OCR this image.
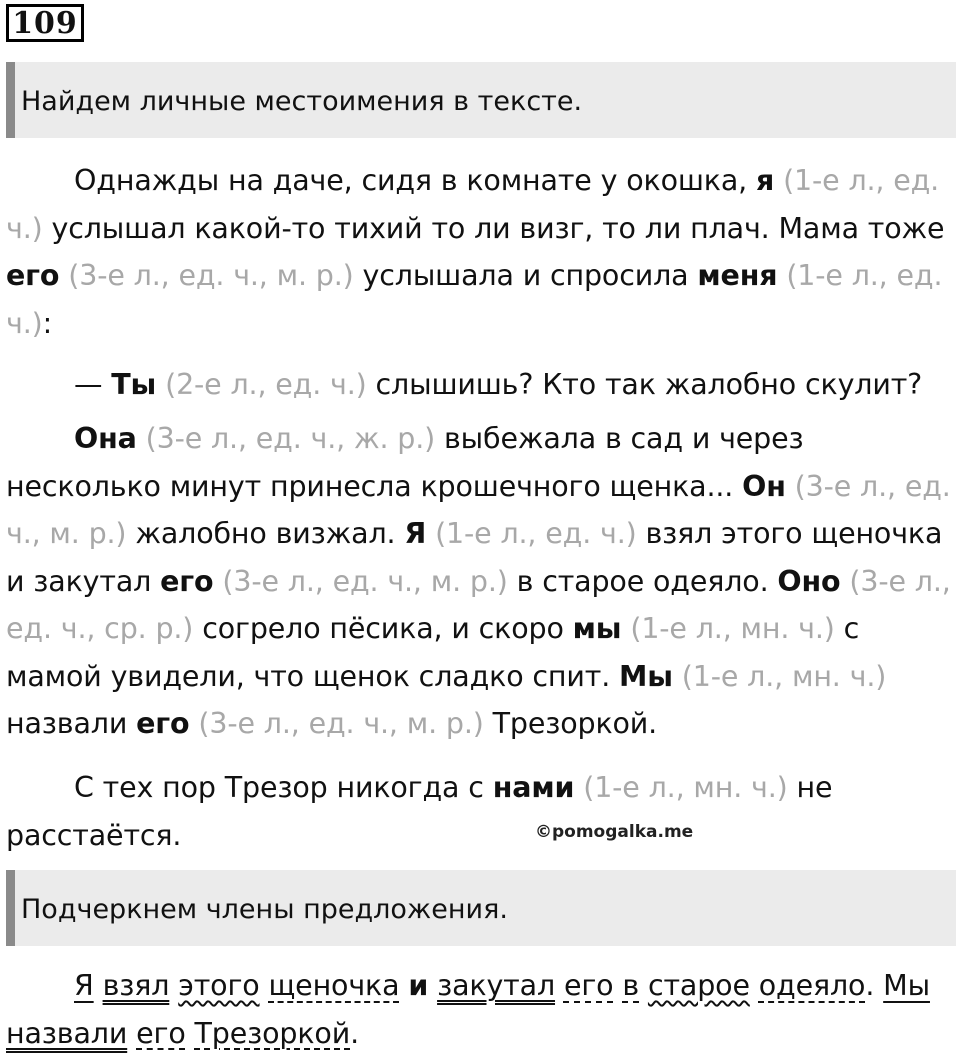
109
Найдем личные местоимения в тексте.
Однажды на даче, сидя в комнате у окошка, я (1-е л., ед. ч.) услышал какой-то тихий то ли визг, то ли плач. Мама тоже его (3-е л., ед. ч., м. р.) услышала и спросила меня (1-е л., ед. ч.):
— Ты (2-е л., ед. ч.) слышишь? Кто так жалобно скулит?
Она (3-е л., ед. ч., ж. р.) выбежала в сад и через несколько минут принесла крошечного щенка... Он (3-е л., ед. ч., м. р.) жалобно визжал. Я (1-е л., ед. ч.) взял этого щеночка и закутал его (3-е л., ед. ч., м. р.) в старое одеяло. Оно (3-е л., ед. ч., ср. р.) согрело пёсика, и скоро мы (1-е л., мн. ч.) с мамой увидели, что щенок сладко спит. Мы (1-е л., мн. ч.) назвали его (3-е л., ед. ч., м. р.) Трезоркой.
С тех пор Трезор никогда с нами (1-е л., мн. ч.) не расстаётся.	©pomogalka.me
Подчеркнем члены предложения.
Я взял этого щеночка и закутал его в старое одеяло. Мы назвали его Трезоркой.
